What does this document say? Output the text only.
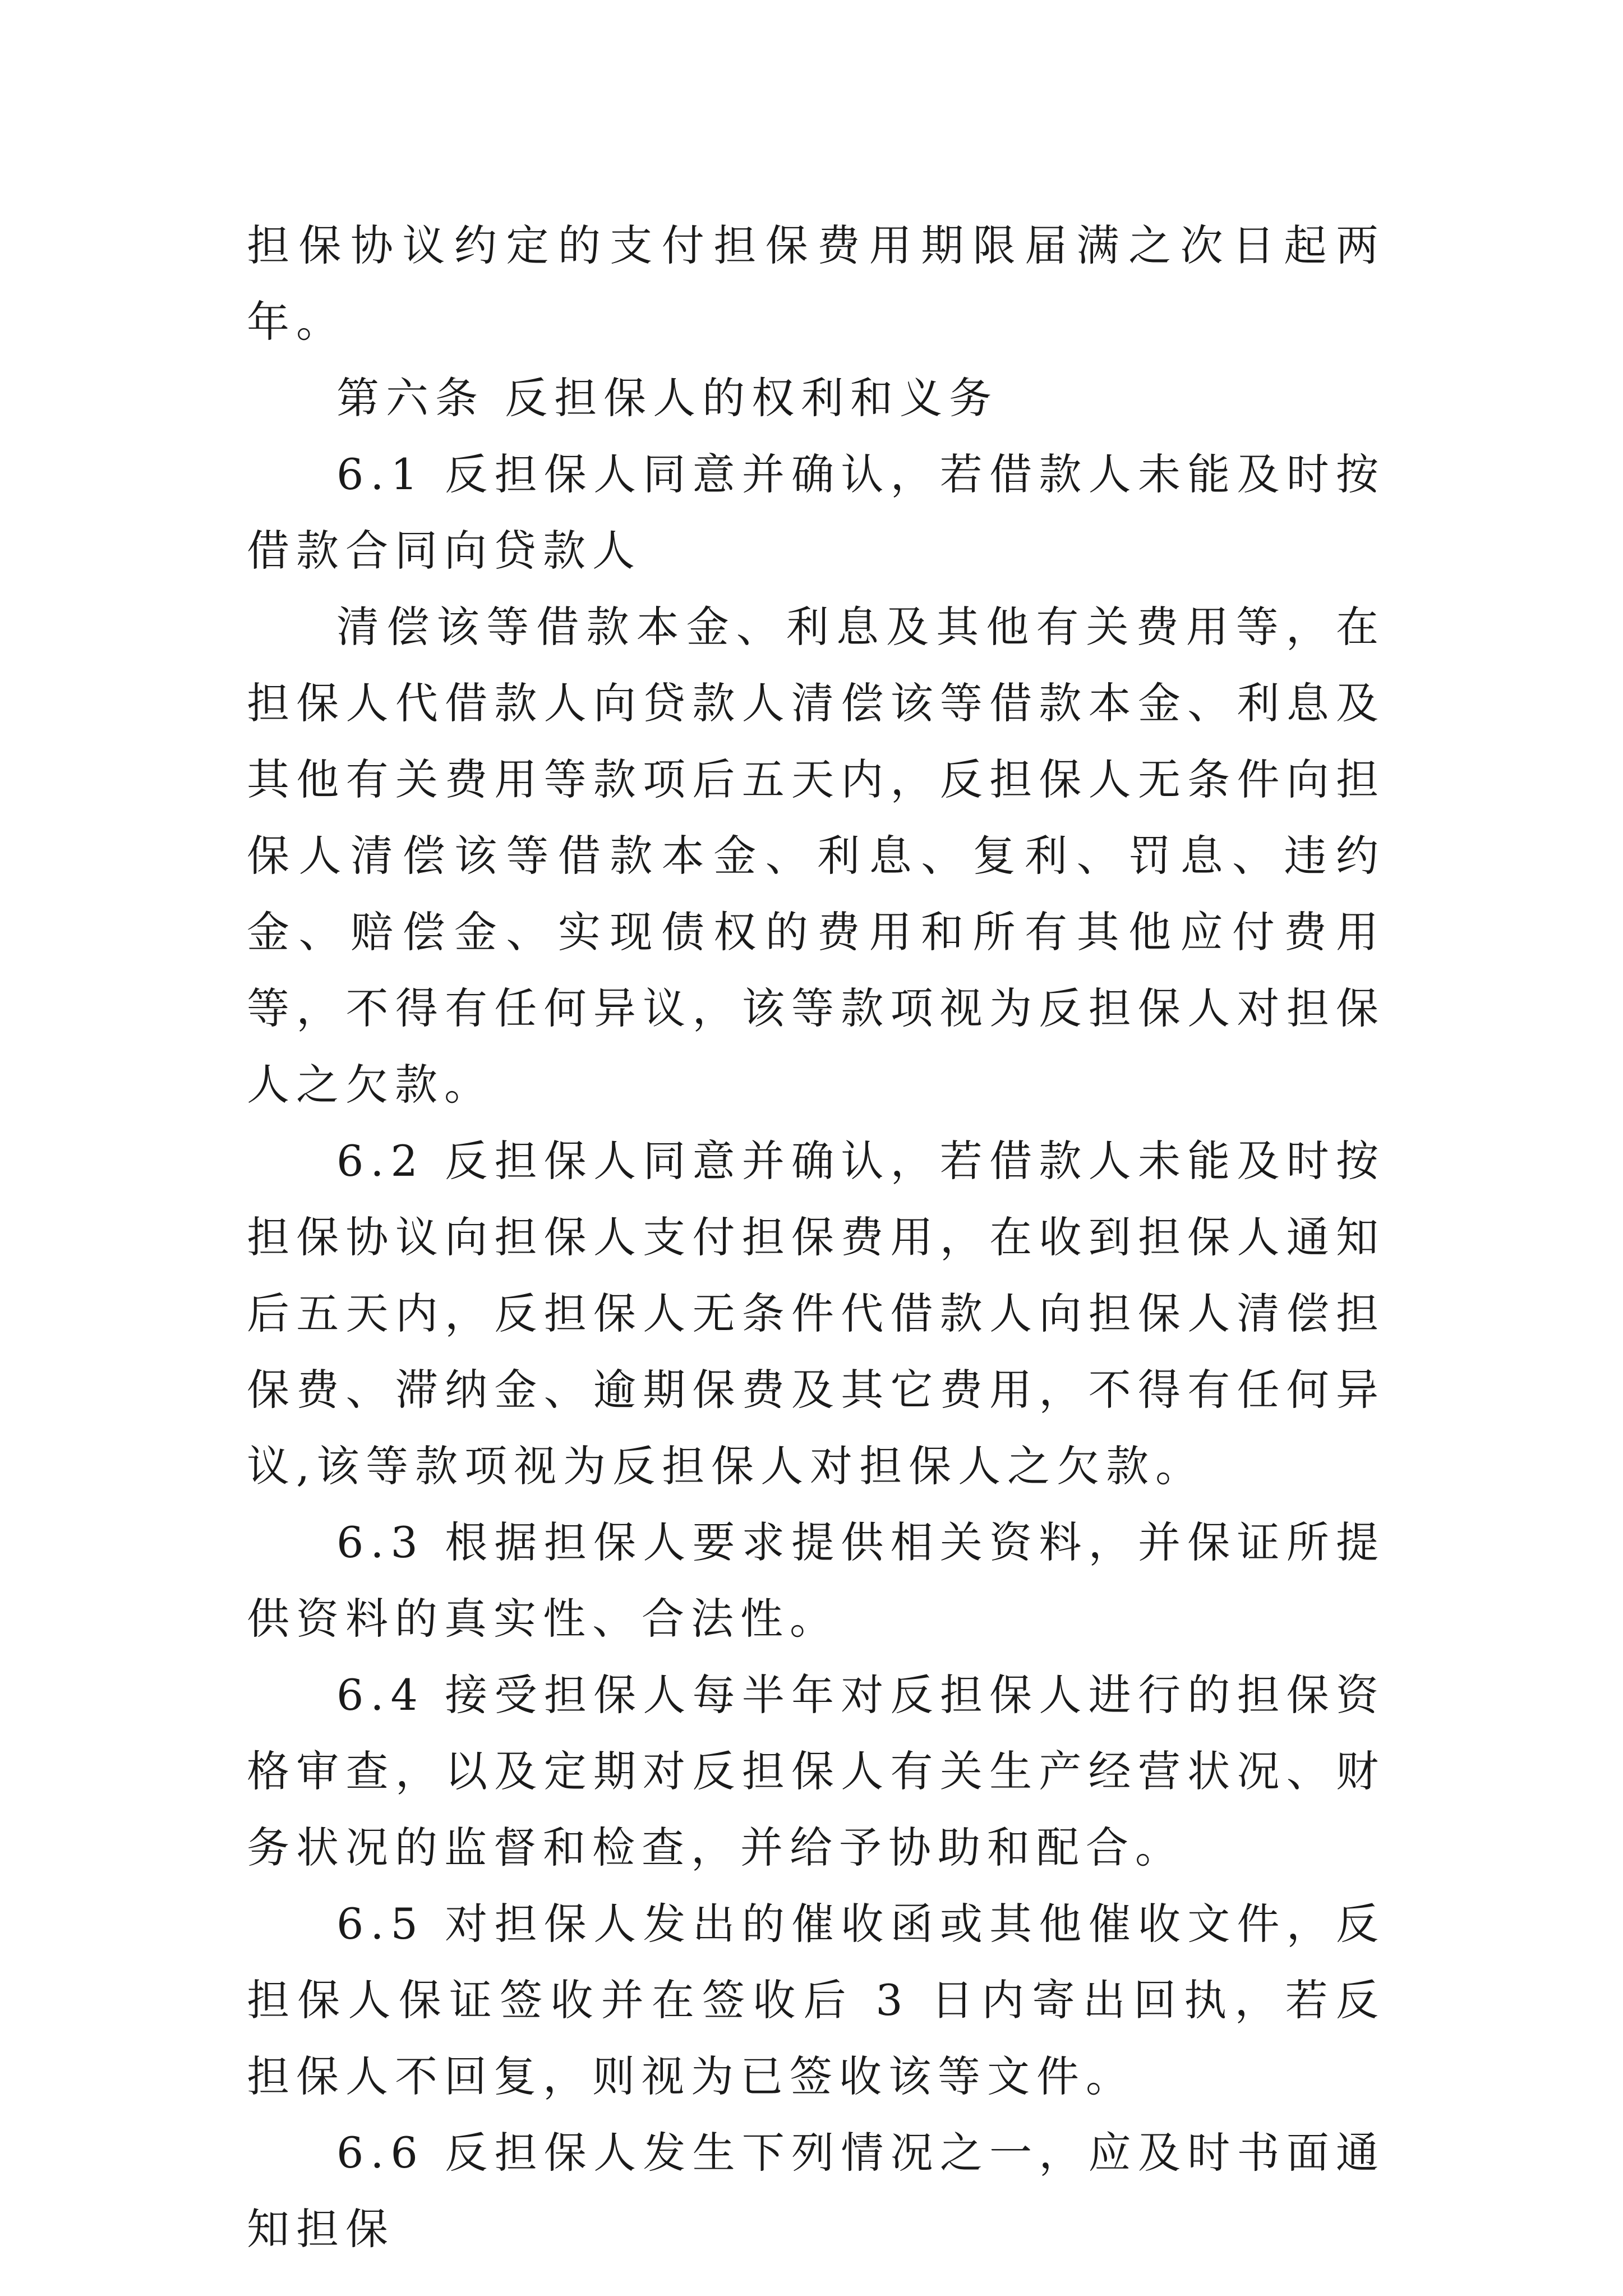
担保协议约定的支付担保费用期限届满之次日起两年。

第六条 反担保人的权利和义务

6.1 反担保人同意并确认，若借款人未能及时按借款合同向贷款人

清偿该等借款本金、利息及其他有关费用等，在担保人代借款人向贷款人清偿该等借款本金、利息及其他有关费用等款项后五天内，反担保人无条件向担保人清偿该等借款本金、利息、复利、罚息、违约金、赔偿金、实现债权的费用和所有其他应付费用等，不得有任何异议，该等款项视为反担保人对担保人之欠款。

6.2 反担保人同意并确认，若借款人未能及时按担保协议向担保人支付担保费用，在收到担保人通知后五天内，反担保人无条件代借款人向担保人清偿担保费、滞纳金、逾期保费及其它费用，不得有任何异议,该等款项视为反担保人对担保人之欠款。

6.3 根据担保人要求提供相关资料，并保证所提供资料的真实性、合法性。

6.4 接受担保人每半年对反担保人进行的担保资格审查，以及定期对反担保人有关生产经营状况、财务状况的监督和检查，并给予协助和配合。

6.5 对担保人发出的催收函或其他催收文件，反担保人保证签收并在签收后 3 日内寄出回执，若反担保人不回复，则视为已签收该等文件。

6.6 反担保人发生下列情况之一，应及时书面通知担保
